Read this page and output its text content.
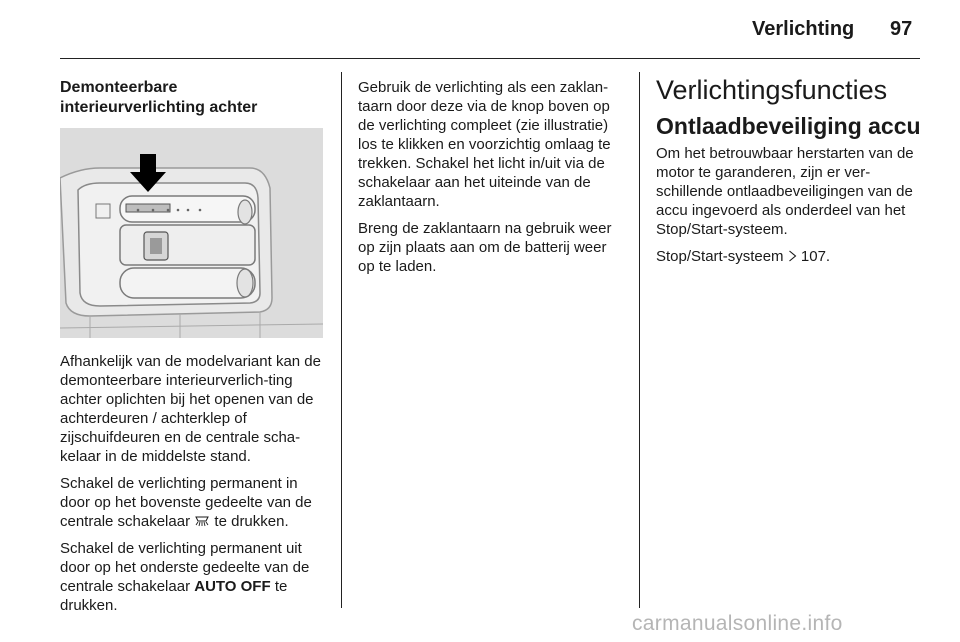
Verlichting 97
Demonteerbare
interieurverlichting achter

Afhankelijk van de modelvariant kan de demonteerbare interieurverlich-ting achter oplichten bij het openen van de achterdeuren / achterklep of zijschuifdeuren en de centrale scha-kelaar in de middelste stand.

Schakel de verlichting permanent in door op het bovenste gedeelte van de centrale schakelaar te drukken.

Schakel de verlichting permanent uit door op het onderste gedeelte van de centrale schakelaar AUTO OFF te drukken.

Gebruik de verlichting als een zaklan-taarn door deze via de knop boven op de verlichting compleet (zie illustratie) los te klikken en voorzichtig omlaag te trekken. Schakel het licht in/uit via de schakelaar aan het uiteinde van de zaklantaarn.

Breng de zaklantaarn na gebruik weer op zijn plaats aan om de batterij weer op te laden.

Verlichtingsfuncties
Ontlaadbeveiliging accu

Om het betrouwbaar herstarten van de motor te garanderen, zijn er ver-schillende ontlaadbeveiligingen van de accu ingevoerd als onderdeel van het Stop/Start-systeem.

Stop/Start-systeem 107.

carmanualsonline.info
